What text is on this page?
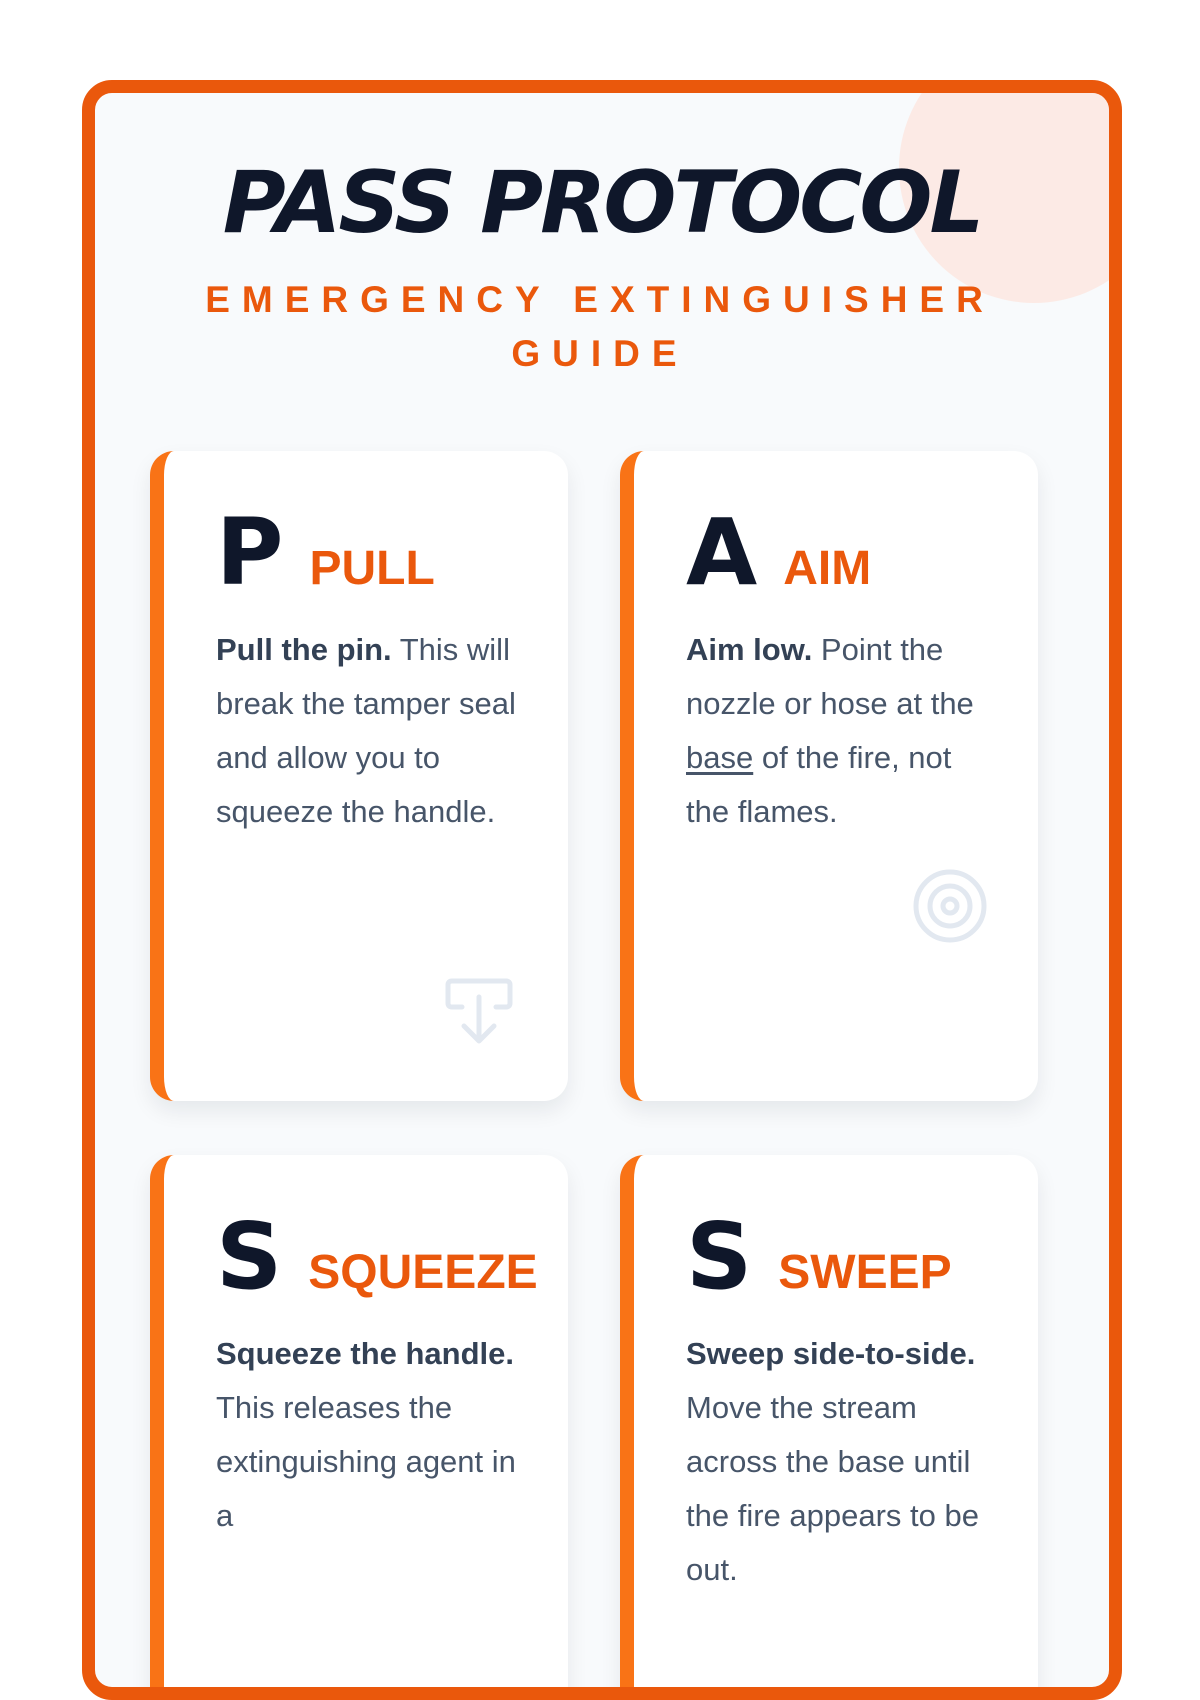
PASS PROTOCOL
EMERGENCY EXTINGUISHER GUIDE
P PULL

Pull the pin. This will break the tamper seal and allow you to squeeze the handle.

A AIM

Aim low. Point the nozzle or hose at the base of the fire, not the flames.

S SQUEEZE

Squeeze the handle. This releases the extinguishing agent in a

S SWEEP

Sweep side-to-side. Move the stream across the base until the fire appears to be out.
